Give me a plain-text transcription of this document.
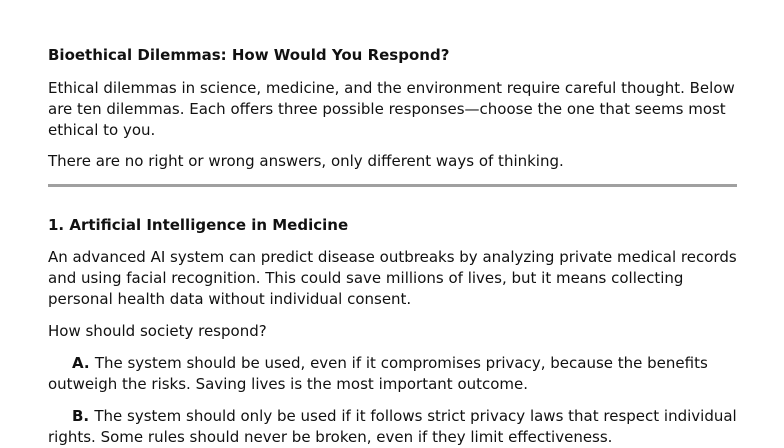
Bioethical Dilemmas: How Would You Respond?
Ethical dilemmas in science, medicine, and the environment require careful thought. Below are ten dilemmas. Each offers three possible responses—choose the one that seems most ethical to you.
There are no right or wrong answers, only different ways of thinking.
1. Artificial Intelligence in Medicine
An advanced AI system can predict disease outbreaks by analyzing private medical records and using facial recognition. This could save millions of lives, but it means collecting personal health data without individual consent.
How should society respond?
A. The system should be used, even if it compromises privacy, because the benefits outweigh the risks. Saving lives is the most important outcome.
B. The system should only be used if it follows strict privacy laws that respect individual rights. Some rules should never be broken, even if they limit effectiveness.
